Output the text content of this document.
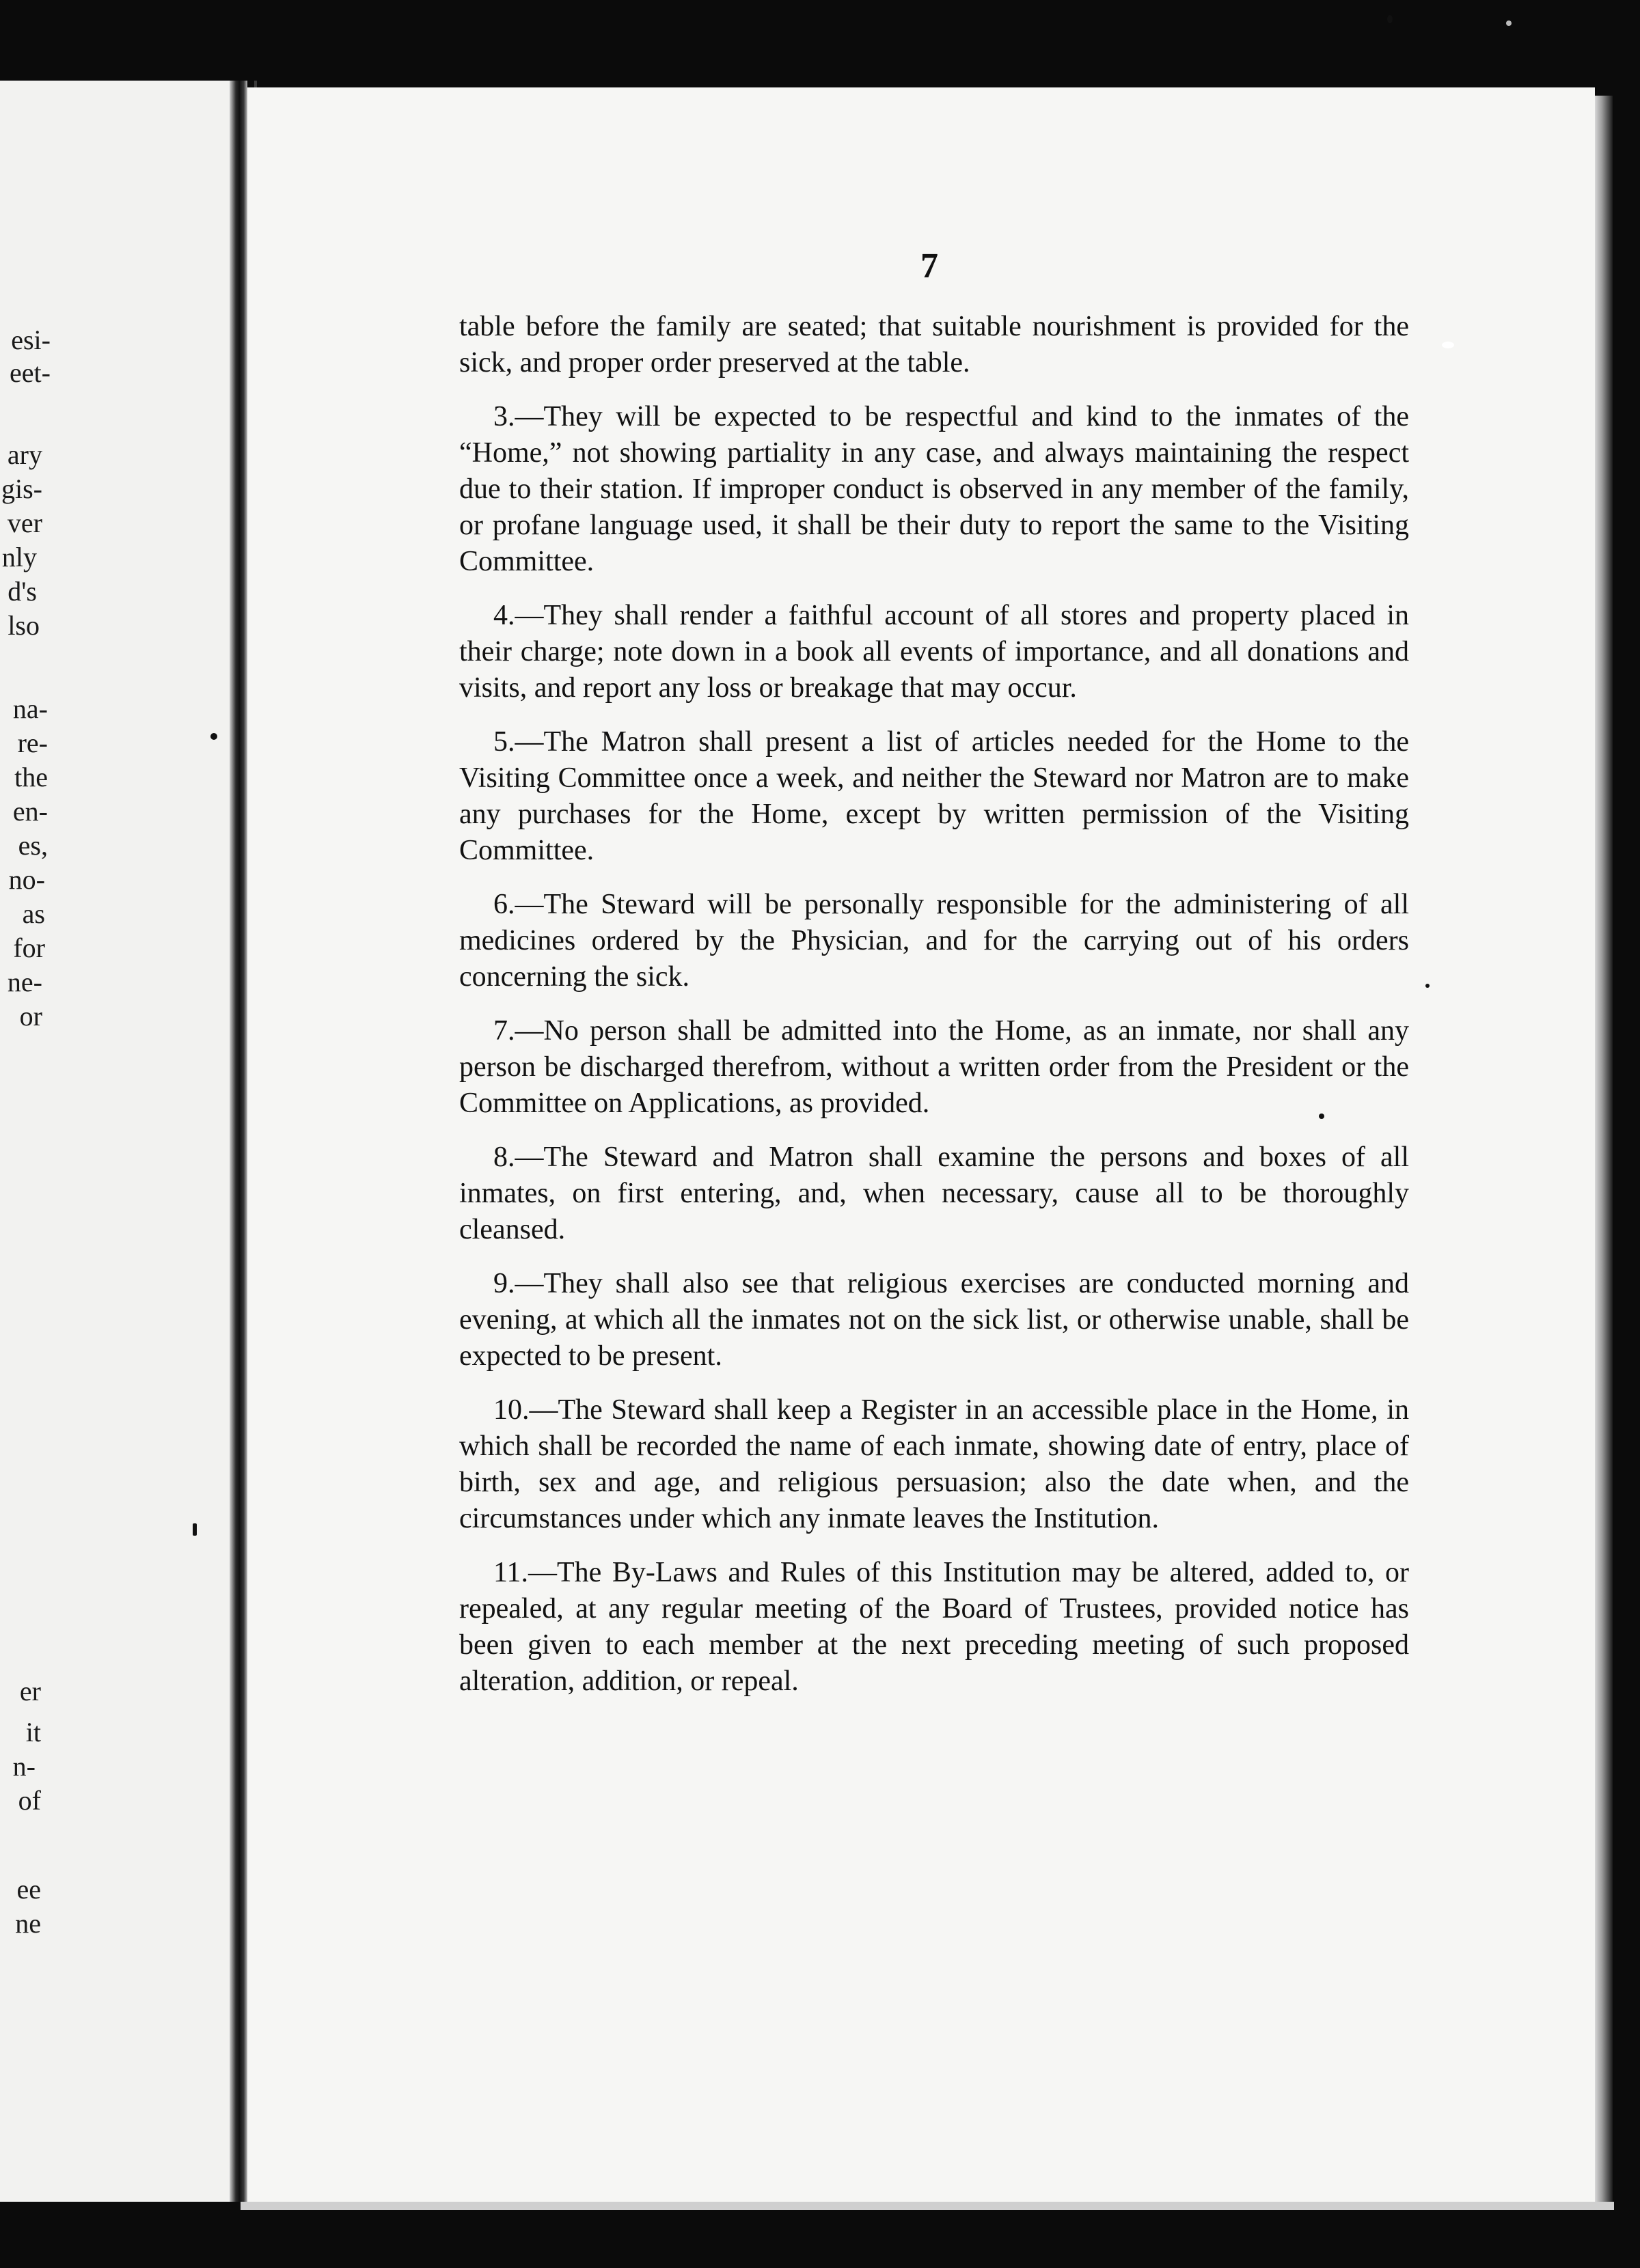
esi-
eet-
ary
gis-
ver
nly
d's
lso
na-
re-
the
en-
es,
no-
as
for
ne-
or
er
it
n-
of
ee
ne
7

table before the family are seated; that suitable nourishment is provided for the sick, and proper order preserved at the table.

3.—They will be expected to be respectful and kind to the inmates of the “Home,” not showing partiality in any case, and always maintaining the respect due to their station. If improper conduct is observed in any member of the family, or profane language used, it shall be their duty to report the same to the Visiting Committee.

4.—They shall render a faithful account of all stores and property placed in their charge; note down in a book all events of importance, and all donations and visits, and report any loss or breakage that may occur.

5.—The Matron shall present a list of articles needed for the Home to the Visiting Committee once a week, and neither the Steward nor Matron are to make any purchases for the Home, except by written permission of the Visiting Committee.

6.—The Steward will be personally responsible for the administering of all medicines ordered by the Physician, and for the carrying out of his orders concerning the sick.

7.—No person shall be admitted into the Home, as an inmate, nor shall any person be discharged therefrom, without a written order from the President or the Committee on Applications, as provided.

8.—The Steward and Matron shall examine the persons and boxes of all inmates, on first entering, and, when necessary, cause all to be thoroughly cleansed.

9.—They shall also see that religious exercises are conducted morning and evening, at which all the inmates not on the sick list, or otherwise unable, shall be expected to be present.

10.—The Steward shall keep a Register in an accessible place in the Home, in which shall be recorded the name of each inmate, showing date of entry, place of birth, sex and age, and religious persuasion; also the date when, and the circumstances under which any inmate leaves the Institution.

11.—The By-Laws and Rules of this Institution may be altered, added to, or repealed, at any regular meeting of the Board of Trustees, provided notice has been given to each member at the next preceding meeting of such proposed alteration, addition, or repeal.
